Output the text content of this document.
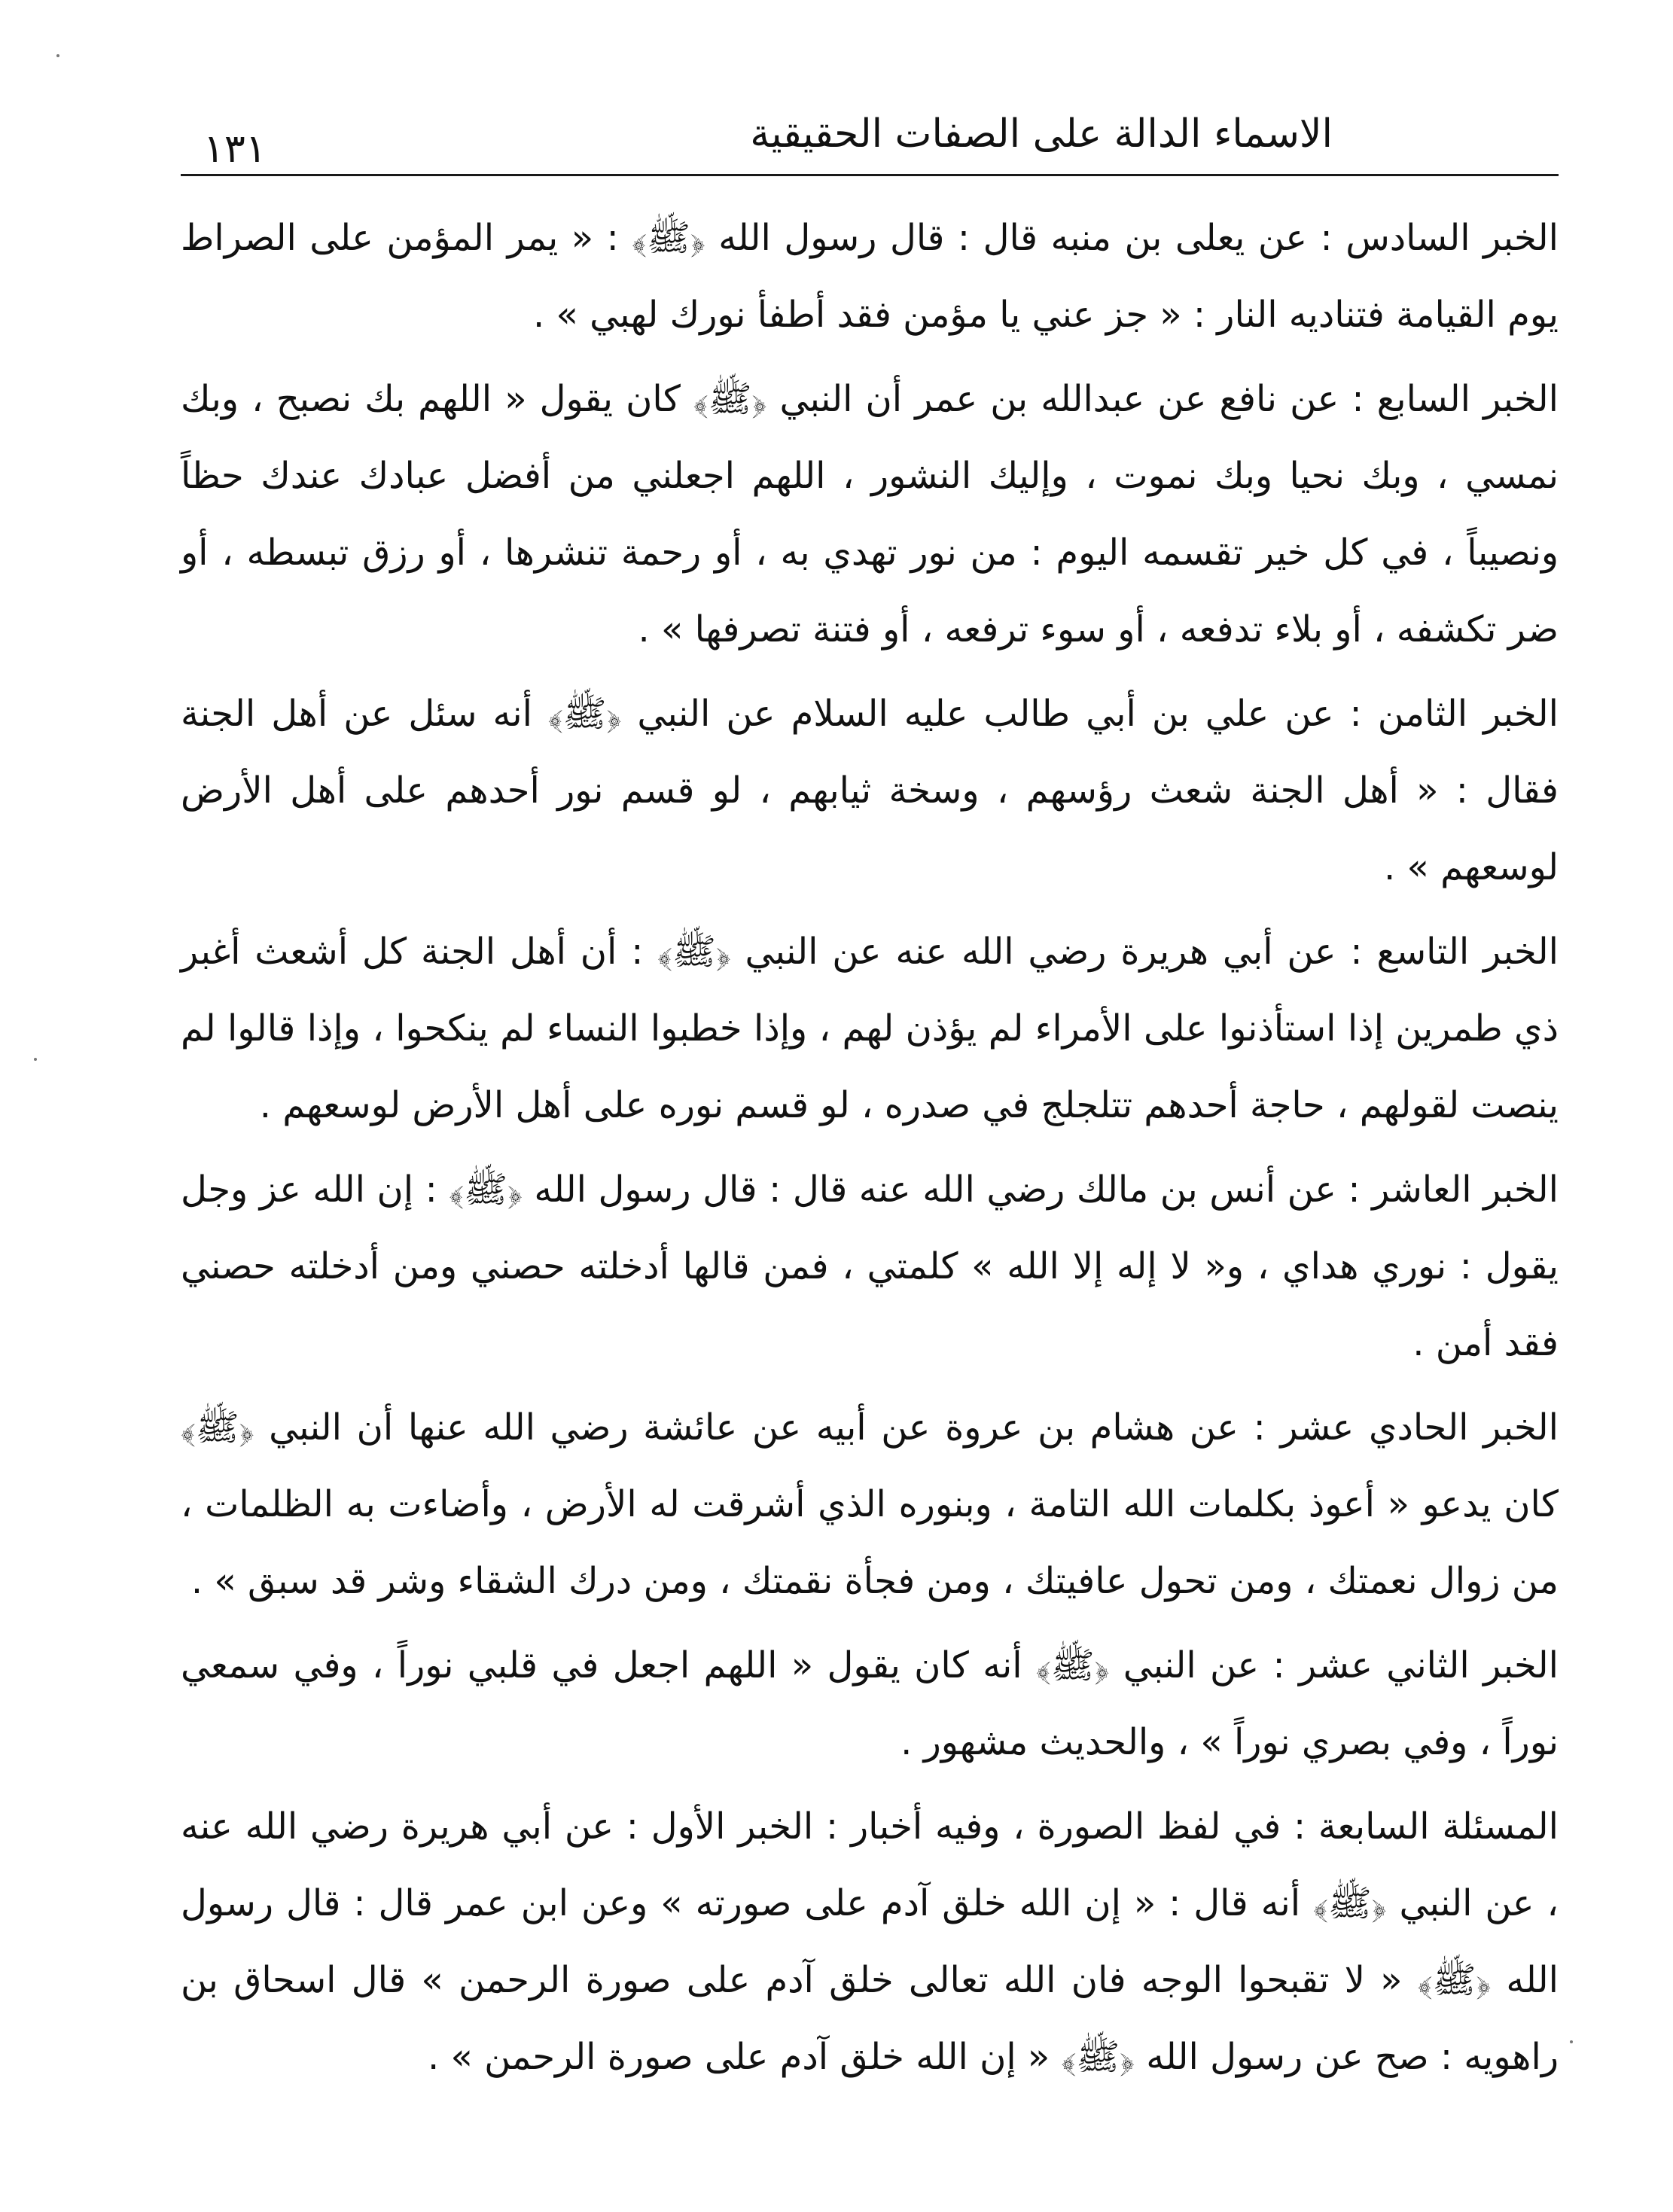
الاسماء الدالة على الصفات الحقيقية
١٣١

الخبر السادس : عن يعلى بن منبه قال : قال رسول الله ﴿ﷺ﴾ : « يمر المؤمن على الصراط يوم القيامة فتناديه النار : « جز عني يا مؤمن فقد أطفأ نورك لهبي » .

الخبر السابع : عن نافع عن عبدالله بن عمر أن النبي ﴿ﷺ﴾ كان يقول « اللهم بك نصبح ، وبك نمسي ، وبك نحيا وبك نموت ، وإليك النشور ، اللهم اجعلني من أفضل عبادك عندك حظاً ونصيباً ، في كل خير تقسمه اليوم : من نور تهدي به ، أو رحمة تنشرها ، أو رزق تبسطه ، أو ضر تكشفه ، أو بلاء تدفعه ، أو سوء ترفعه ، أو فتنة تصرفها » .

الخبر الثامن : عن علي بن أبي طالب عليه السلام عن النبي ﴿ﷺ﴾ أنه سئل عن أهل الجنة فقال : « أهل الجنة شعث رؤسهم ، وسخة ثيابهم ، لو قسم نور أحدهم على أهل الأرض لوسعهم » .

الخبر التاسع : عن أبي هريرة رضي الله عنه عن النبي ﴿ﷺ﴾ : أن أهل الجنة كل أشعث أغبر ذي طمرين إذا استأذنوا على الأمراء لم يؤذن لهم ، وإذا خطبوا النساء لم ينكحوا ، وإذا قالوا لم ينصت لقولهم ، حاجة أحدهم تتلجلج في صدره ، لو قسم نوره على أهل الأرض لوسعهم .

الخبر العاشر : عن أنس بن مالك رضي الله عنه قال : قال رسول الله ﴿ﷺ﴾ : إن الله عز وجل يقول : نوري هداي ، و« لا إله إلا الله » كلمتي ، فمن قالها أدخلته حصني ومن أدخلته حصني فقد أمن .

الخبر الحادي عشر : عن هشام بن عروة عن أبيه عن عائشة رضي الله عنها أن النبي ﴿ﷺ﴾ كان يدعو « أعوذ بكلمات الله التامة ، وبنوره الذي أشرقت له الأرض ، وأضاءت به الظلمات ، من زوال نعمتك ، ومن تحول عافيتك ، ومن فجأة نقمتك ، ومن درك الشقاء وشر قد سبق » .

الخبر الثاني عشر : عن النبي ﴿ﷺ﴾ أنه كان يقول « اللهم اجعل في قلبي نوراً ، وفي سمعي نوراً ، وفي بصري نوراً » ، والحديث مشهور .

المسئلة السابعة : في لفظ الصورة ، وفيه أخبار : الخبر الأول : عن أبي هريرة رضي الله عنه ، عن النبي ﴿ﷺ﴾ أنه قال : « إن الله خلق آدم على صورته » وعن ابن عمر قال : قال رسول الله ﴿ﷺ﴾ « لا تقبحوا الوجه فان الله تعالى خلق آدم على صورة الرحمن » قال اسحاق بن راهويه : صح عن رسول الله ﴿ﷺ﴾ « إن الله خلق آدم على صورة الرحمن » .
